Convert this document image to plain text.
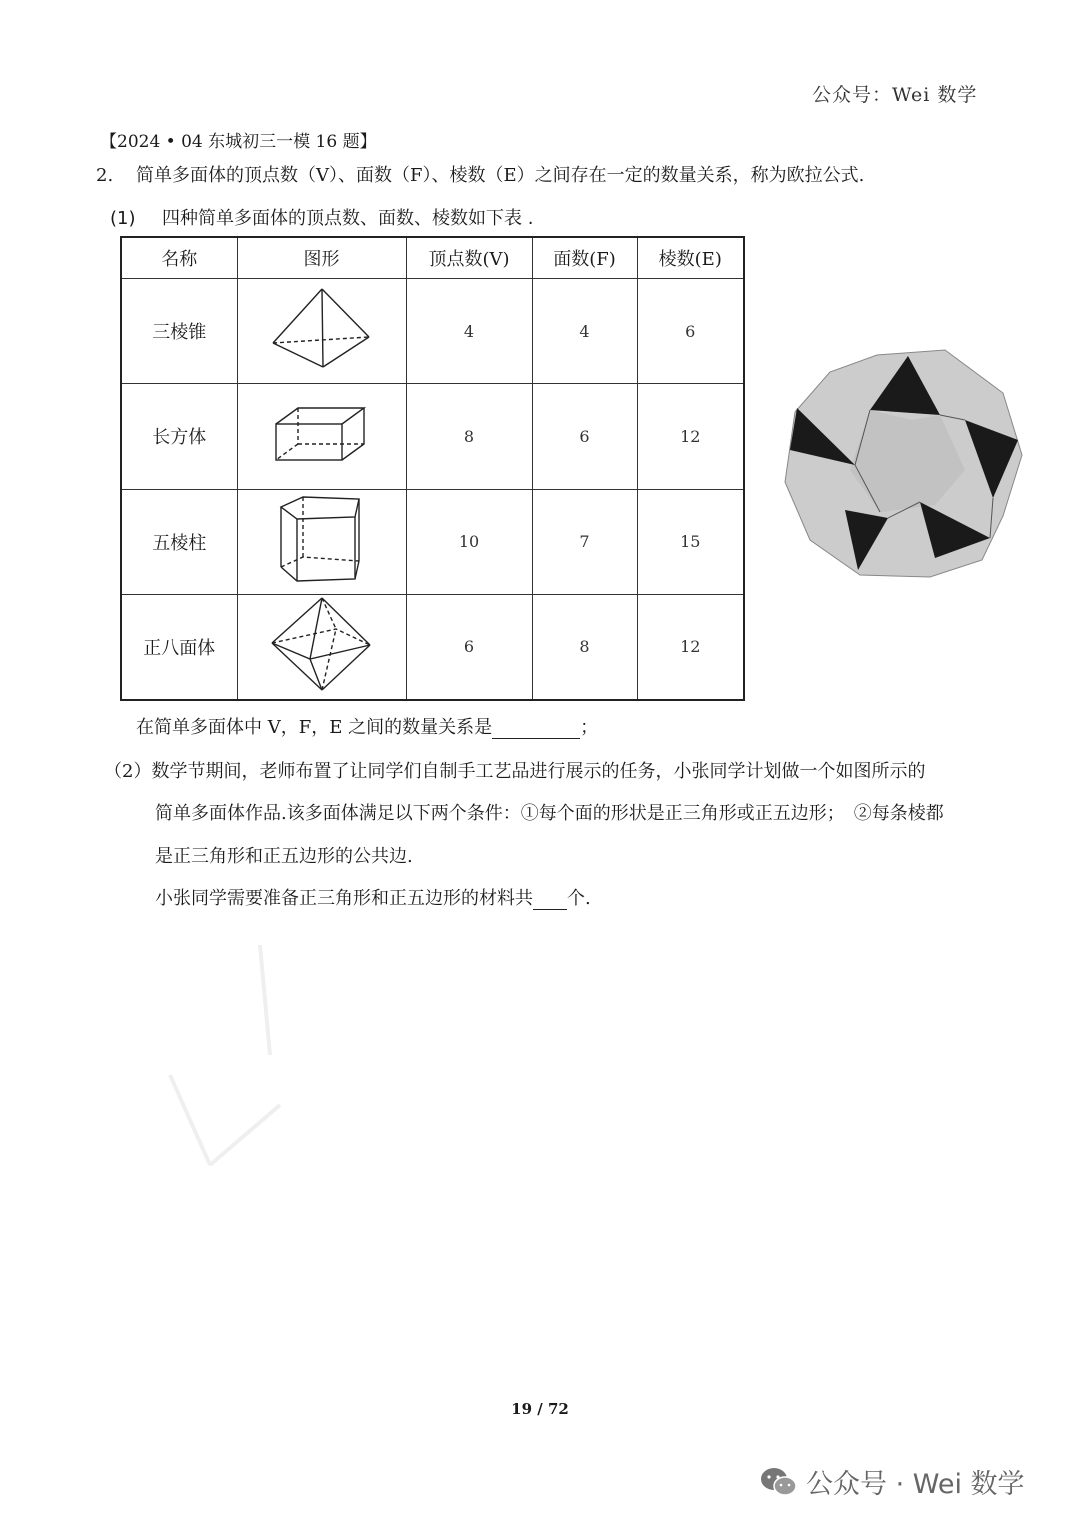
公众号：Wei 数学
【2024 • 04 东城初三一模 16 题】
2. 简单多面体的顶点数（V）、面数（F）、棱数（E）之间存在一定的数量关系，称为欧拉公式.
(1) 四种简单多面体的顶点数、面数、棱数如下表 .
名称	图形	顶点数(V)	面数(F)	棱数(E)
三棱锥		4	4	6
长方体		8	6	12
五棱柱		10	7	15
正八面体		6	8	12
在简单多面体中 V，F，E 之间的数量关系是	；
（2）数学节期间，老师布置了让同学们自制手工艺品进行展示的任务，小张同学计划做一个如图所示的
简单多面体作品.该多面体满足以下两个条件：①每个面的形状是正三角形或正五边形；　②每条棱都
是正三角形和正五边形的公共边.
小张同学需要准备正三角形和正五边形的材料共 个.
19 / 72
公众号 · Wei 数学
